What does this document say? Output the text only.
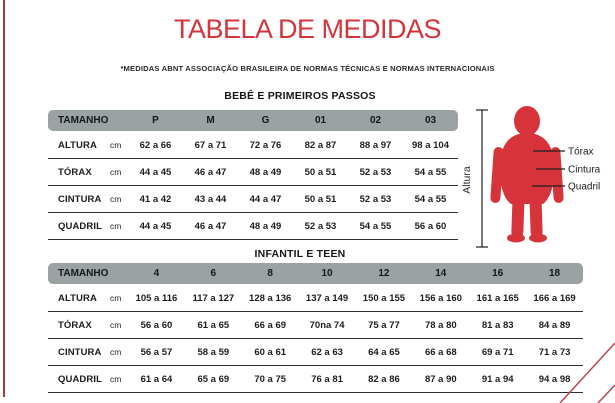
TABELA DE MEDIDAS
*MEDIDAS ABNT ASSOCIAÇÃO BRASILEIRA DE NORMAS TÉCNICAS E NORMAS INTERNACIONAIS
BEBÊ E PRIMEIROS PASSOS
TAMANHO	P	M	G	01	02	03
ALTURA	cm	62 a 66	67 a 71	72 a 76	82 a 87	88 a 97	98 a 104
TÓRAX	cm	44 a 45	46 a 47	48 a 49	50 a 51	52 a 53	54 a 55
CINTURA	cm	41 a 42	43 a 44	44 a 47	50 a 51	52 a 53	54 a 55
QUADRIL cm	44 a 45	46 a 47	48 a 49	52 a 53	54 a 55	56 a 60
Altura
Tórax
Cintura
Quadril
INFANTIL E TEEN
TAMANHO	4	6	8	10	12	14	16	18
ALTURA	cm	105 a 116	117 a 127	128 a 136	137 a 149	150 a 155	156 a 160	161 a 165	166 a 169
TÓRAX	cm	56 a 60	61 a 65	66 a 69	70na 74	75 a 77	78 a 80	81 a 83	84 a 89
CINTURA	cm	56 a 57	58 a 59	60 a 61	62 a 63	64 a 65	66 a 68	69 a 71	71 a 73
QUADRIL cm	61 a 64	65 a 69	70 a 75	76 a 81	82 a 86	87 a 90	91 a 94	94 a 98
